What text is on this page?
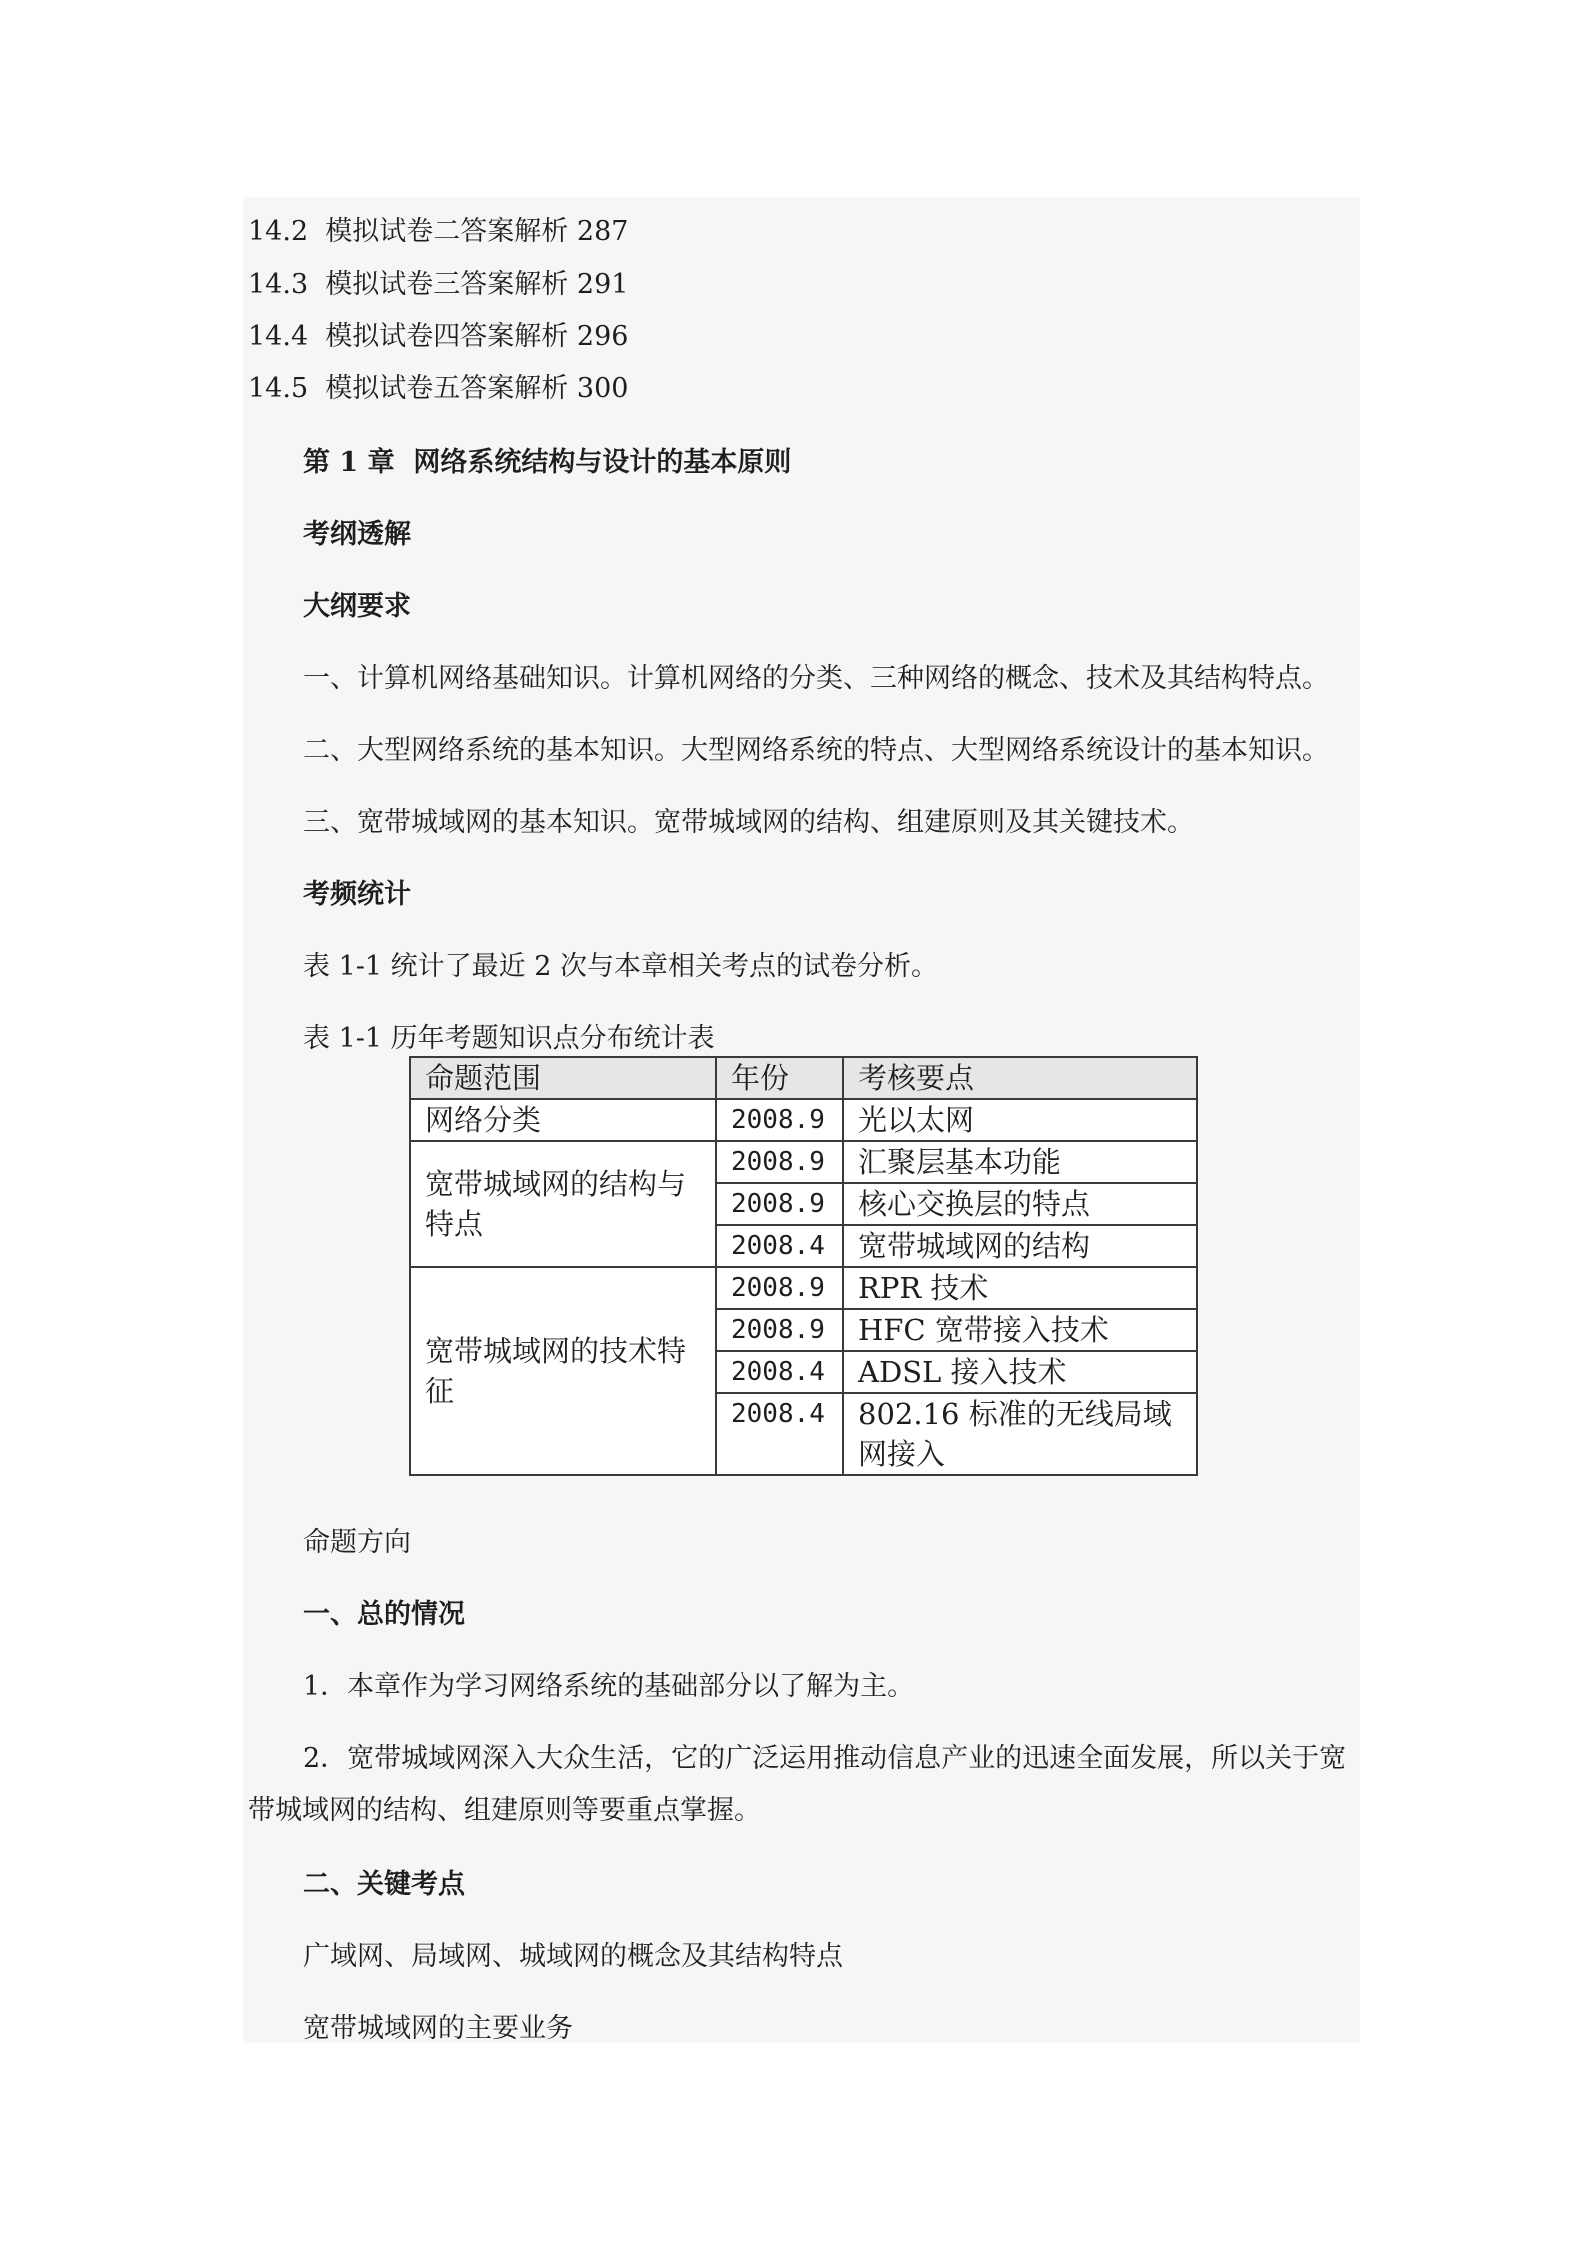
14.2 模拟试卷二答案解析 287
14.3 模拟试卷三答案解析 291
14.4 模拟试卷四答案解析 296
14.5 模拟试卷五答案解析 300
第 1 章 网络系统结构与设计的基本原则
考纲透解
大纲要求
一、计算机网络基础知识。计算机网络的分类、三种网络的概念、技术及其结构特点。
二、大型网络系统的基本知识。大型网络系统的特点、大型网络系统设计的基本知识。
三、宽带城域网的基本知识。宽带城域网的结构、组建原则及其关键技术。
考频统计
表 1-1 统计了最近 2 次与本章相关考点的试卷分析。
表 1-1 历年考题知识点分布统计表
命题范围	年份	考核要点
网络分类	2008.9	光以太网
宽带城域网的结构与特点	2008.9	汇聚层基本功能
	2008.9	核心交换层的特点
	2008.4	宽带城域网的结构
宽带城域网的技术特征	2008.9	RPR 技术
	2008.9	HFC 宽带接入技术
	2008.4	ADSL 接入技术
	2008.4	802.16 标准的无线局域网接入
命题方向
一、总的情况
1．本章作为学习网络系统的基础部分以了解为主。
2．宽带城域网深入大众生活，它的广泛运用推动信息产业的迅速全面发展，所以关于宽带城域网的结构、组建原则等要重点掌握。
二、关键考点
广域网、局域网、城域网的概念及其结构特点
宽带城域网的主要业务
